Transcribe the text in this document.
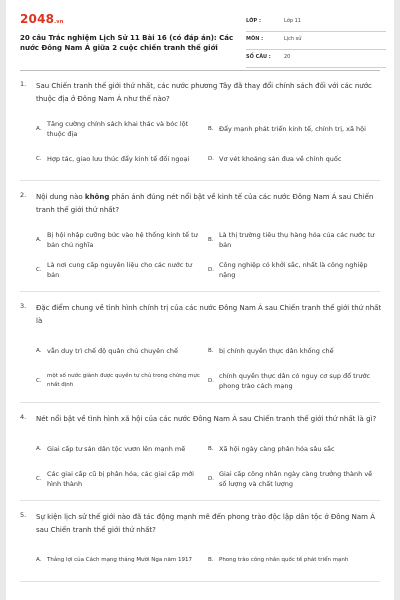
2048.vn
20 câu Trắc nghiệm Lịch Sử 11 Bài 16 (có đáp án): Các nước Đông Nam Á giữa 2 cuộc chiến tranh thế giới
LỚP :	Lớp 11
MÔN :	Lịch sử
SỐ CÂU :	20
1. Sau Chiến tranh thế giới thứ nhất, các nước phương Tây đã thay đổi chính sách đối với các nước thuộc địa ở Đông Nam Á như thế nào?
A.
Tăng cường chính sách khai thác và bóc lột thuộc địa
B. Đẩy mạnh phát triển kinh tế, chính trị, xã hội
C. Hợp tác, giao lưu thúc đẩy kinh tế đối ngoại	D. Vơ vét khoáng sản đưa về chính quốc
2. Nội dung nào không phản ánh đúng nét nổi bật về kinh tế của các nước Đông Nam Á sau Chiến tranh thế giới thứ nhất?
A.
Bị hội nhập cưỡng bức vào hệ thống kinh tế tư bản chủ nghĩa
B.
Là thị trường tiêu thụ hàng hóa của các nước tư bản
C.
Là nơi cung cấp nguyên liệu cho các nước tư bản
D.
Công nghiệp có khởi sắc, nhất là công nghiệp nặng
3. Đặc điểm chung về tình hình chính trị của các nước Đông Nam Á sau Chiến tranh thế giới thứ nhất là
A. vẫn duy trì chế độ quân chủ chuyên chế	B. bị chính quyền thực dân khống chế
C.
một số nước giành được quyền tự chủ trong chừng mực nhất định
D.
chính quyền thực dân có nguy cơ sụp đổ trước phong trào cách mạng
4. Nét nổi bật về tình hình xã hội của các nước Đông Nam Á sau Chiến tranh thế giới thứ nhất là gì?
A. Giai cấp tư sản dân tộc vươn lên mạnh mẽ	B. Xã hội ngày càng phân hóa sâu sắc
C.
Các giai cấp cũ bị phân hóa, các giai cấp mới hình thành
D.
Giai cấp công nhân ngày càng trưởng thành về số lượng và chất lượng
5. Sự kiện lịch sử thế giới nào đã tác động mạnh mẽ đến phong trào độc lập dân tộc ở Đông Nam Á sau Chiến tranh thế giới thứ nhất?
A. Thắng lợi của Cách mạng tháng Mười Nga năm 1917	B. Phong trào công nhân quốc tế phát triển mạnh
